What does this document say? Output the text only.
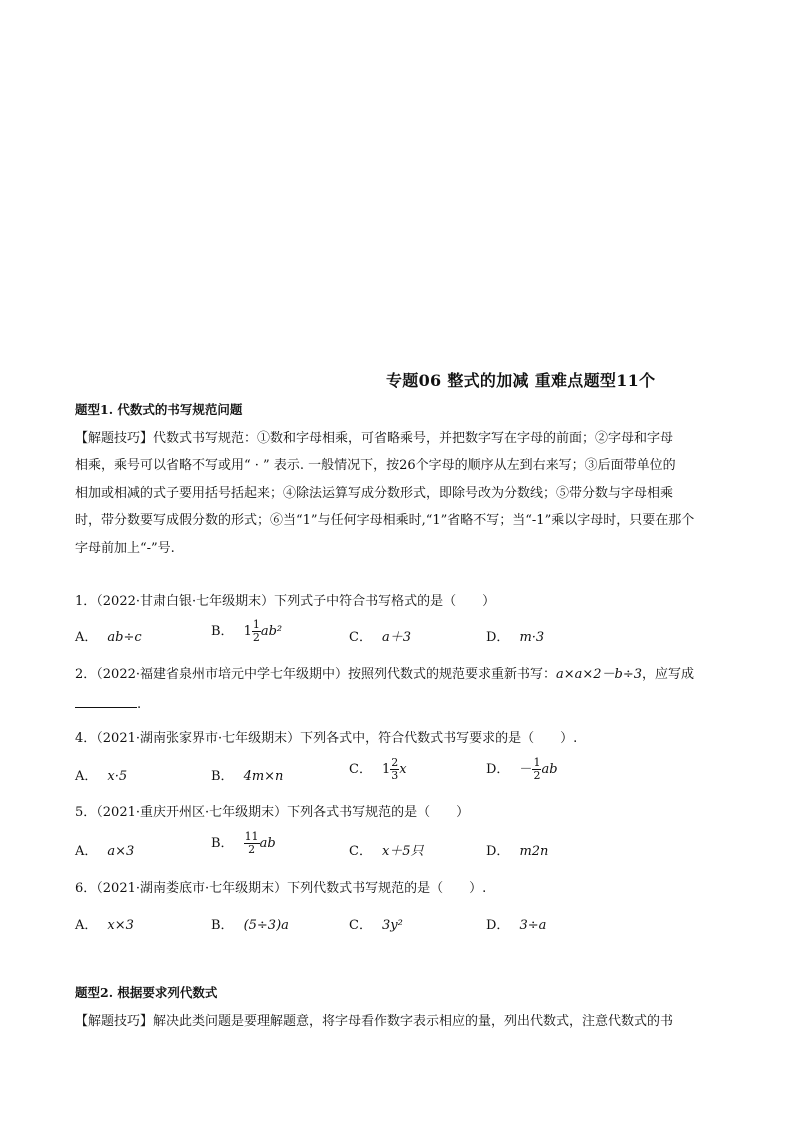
专题06 整式的加减 重难点题型11个
题型1. 代数式的书写规范问题
【解题技巧】代数式书写规范：①数和字母相乘，可省略乘号，并把数字写在字母的前面；②字母和字母
相乘，乘号可以省略不写或用“ · ” 表示. 一般情况下，按26个字母的顺序从左到右来写；③后面带单位的
相加或相减的式子要用括号括起来；④除法运算写成分数形式，即除号改为分数线；⑤带分数与字母相乘
时，带分数要写成假分数的形式；⑥当“1”与任何字母相乘时,“1”省略不写；当“-1”乘以字母时，只要在那个
字母前加上“-”号.
1．（2022·甘肃白银·七年级期末）下列式子中符合书写格式的是（　　）
A． ab÷c	B． $1 \frac{1}{2} ab^2$	C． a＋3	D． m·3
2．（2022·福建省泉州市培元中学七年级期中）按照列代数式的规范要求重新书写：a×a×2－b÷3，应写成
.
4．（2021·湖南张家界市·七年级期末）下列各式中，符合代数式书写要求的是（　　）.
A． x·5	B． 4m×n	C． $1 \frac{2}{3}$ x	D． － $\frac{1}{2}$ ab
5．（2021·重庆开州区·七年级期末）下列各式书写规范的是（　　）
A． a×3
B． $\frac{11}{2}$ ab
C． x＋5只	D． m2n
6．（2021·湖南娄底市·七年级期末）下列代数式书写规范的是（　　）.
A． x×3	B． (5÷3)a	C． 3y²	D． 3÷a
题型2. 根据要求列代数式
【解题技巧】解决此类问题是要理解题意，将字母看作数字表示相应的量，列出代数式，注意代数式的书
